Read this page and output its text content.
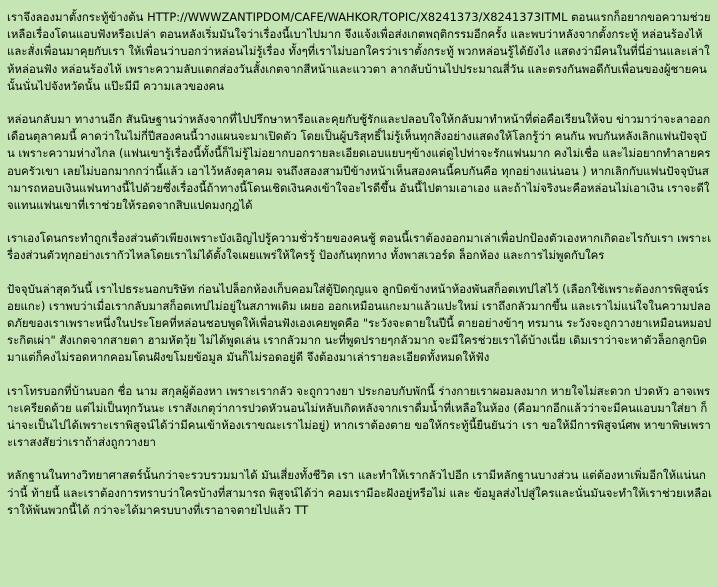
เราจึงลองมาตั้งกระทู้ข้างต้น HTTP://WWWZANTIPDOM/CAFE/WAHKOR/TOPIC/X8241373/X8241373ITML ตอนแรกก็อยากขอความช่วยเหลือเรื่องโดนแอบฟังหรือเปล่า ตอนหลังเริ่มมันใจว่าเรื่องนี้เบาไปมาก จึงแจ้งเพื่อส่งเกตพฤติกรรมอีกครั้ง และพบว่าหลังจากตั้งกระทู้ หล่อนร้องไห้ และสั่งเพื่อนมาคุยกับเรา ให้เพื่อนว่าบอกว่าหล่อนไม่รู้เรื่อง ทั้งๆที่เราไม่บอกใครว่าเราตั้งกระทู้ พวกหล่อนรู้ได้ยังไง แสดงว่ามีคนในที่นี่อ่านและเล่าให้หล่อนฟัง หล่อนร้องไห้ เพราะความลับแตกส่องวันสั้งเกตจากสีหน้าและแววตา ลากลับบ้านไปประมาณสี่วัน และตรงกันพอดีกับเพื่อนของผู้ชายคนนั้นนั่นไปจังหวัดนั้น แป๊ะมีมี ความเลวของคน

หล่อนกลับมา ทางานอีก สันนิษฐานว่าหลังจากที่ไปปรึกษาหารือและคุยกับชู้รักและปลอบใจให้กลับมาทำหน้าที่ต่อคือเรียนให้จบ ข่าวมาว่าจะลาออกเดือนตุลาคมนี้ คาดว่าในไม่กี่ปีสองคนนี้วางแผนจะมาเปิดตัว โดยเป็นผู้บริสุทธิ์ไม่รู้เห็นทุกสิ่งอย่างแสดงให้โลกรู้ว่า คนกัน พบกันหลังเลิกแฟนปัจจุบัน เพราะความห่างไกล (แฟนเขารู้เรื่องนี้ทั้งนี้ก็ไม่รู้ไม่อยากบอกรายละเอียดเอบแยบๆข้างแต่ดูไปท่าจะรักแฟนมาก คงไม่เชื่อ และไม่อยากทำลายครอบครัวเขา เลยไม่บอกมากกว่านี้แล้ว เอาไว้หลังตุลาคม จนถึงสองสามปีข้างหน้าเห็นสองคนนี้คบกันคือ ทุกอย่างแน่นอน ) หากเลิกกับแฟนปัจจุบันสามารถหอบเงินแฟนทางนี้ไปด้วยซึ่งเรื่องนี้ถ้าทางนี้โดนเชิดเงินคงเข้าใจอะไรดีขึ้น อันนี้ไปตามเอาเอง และถ้าไม่จริงนะคือหล่อนไม่เอาเงิน เราจะดีใจแทนแฟนเขาที่เราช่วยให้รอดจากสิบแปดมงกุฎได้

เราเองโดนกระทำถูกเรื่องส่วนตัวเพียงเพราะบังเอิญไปรู้ความชั่วร้ายของคนชู้ ตอนนี้เราต้องออกมาเล่าเพื่อปกป้องตัวเองหากเกิดอะไรกับเรา เพราะเรื่องส่วนตัวทุกอย่างเรากัวไหลโดยเราไม่ได้ตั้งใจเผยแพร่ให้ใครรู้ ป้องกันทุกทาง ทั้งพาสเวอร์ด ล็อกห้อง และการไม่พูดกับใคร

ปัจจุบันล่าสุดวันนี้ เราไปธระนอกบริษัท ก่อนไปล็อกห้องเก็บคอมใส่ตู้ปิดกุญแจ ลูกบิดข้างหน้าห้องพันสก็อตเทปไสไว้ (เลือกใช้เพราะต้องการพิสูจน์รอยแกะ) เราพบว่าเมื่อเรากลับมาสก็อตเทปไม่อยู่ในสภาพเดิม เผยอ ออกเหมือนแกะมาแล้วแปะใหม่ เราถึงกลัวมากขึ้น และเราไม่แน่ใจในความปลอดภัยของเราเพราะหนึ่งในประโยคที่หล่อนชอบพูดให้เพื่อนฟังเองเคยพูดคือ "ระวังจะตายในปีนี้ ตายอย่างข้าๆ ทรมาน ระวังจะถูกวางยาเหมือนหมอประกิตเผ่า" สังเกตจากสายตา ฮามหัตวุ้ย ไม่ได้พูดเล่น เรากลัวมาก นะที่พูดปรายๆกลัวมาก จะมีใครช่วยเราได้บ้างเนี่ย เดิมเราว่าจะหาตัวล็อกลูกบิดมาแต่ก็คงไม่รอดหากคอมโดนฝังขโมยข้อมูล มันก็ไม่รอดอยู่ดี จึงต้องมาเล่ารายละเอียดทั้งหมดให้ฟัง

เราโทรบอกที่บ้านบอก ชื่อ นาม สกุลผู้ต้องหา เพราะเรากลัว จะถูกวางยา ประกอบกับพักนี้ ร่างกายเราผอมลงมาก หายใจไม่สะดวก ปวดหัว อาจเพราะเครียดด้วย แต่ไม่เป็นทุกวันนะ เราสังเกตุว่าการปวดหัวนอนไม่หลับเกิดหลังจากเราดื่มน้ำที่เหลือในห้อง (คือมากอีกแล้วว่าจะมีคนแอบมาใส่ยา ก็น่าจะเป็นไปได้เพราะเราพิสูจน์ได้ว่ามีคนเข้าห้องเราขณะเราไม่อยู่) หากเราต้องตาย ขอให้กระทู้นี้ยืนยันว่า เรา ขอให้มีการพิสูจน์ศพ หาขาพิษเพราะเราสงสัยว่าเราถ้าส่งถูกวางยา

หลักฐานในทางวิทยาศาสตร์นั้นกว่าจะรวบรวมมาได้ มันเสี่ยงทั้งชีวิต เรา และทำให้เรากลัวไปอีก เรามีหลักฐานบางส่วน แต่ต้องหาเพิ่มอีกให้แน่นกว่านี้ ท้ายนี้ และเราต้องการทราบว่าใครบ้างที่สามารถ พิสูจน์ได้ว่า คอมเรามีอะฝังอยู่หรือไม่ และ ข้อมูลส่งไปสู่ใครและนั่นมันจะทำให้เราช่วยเหลือเราให้พ้นพวกนี้ได้ กว่าจะได้มาครบบางที่เราอาจตายไปแล้ว TT
